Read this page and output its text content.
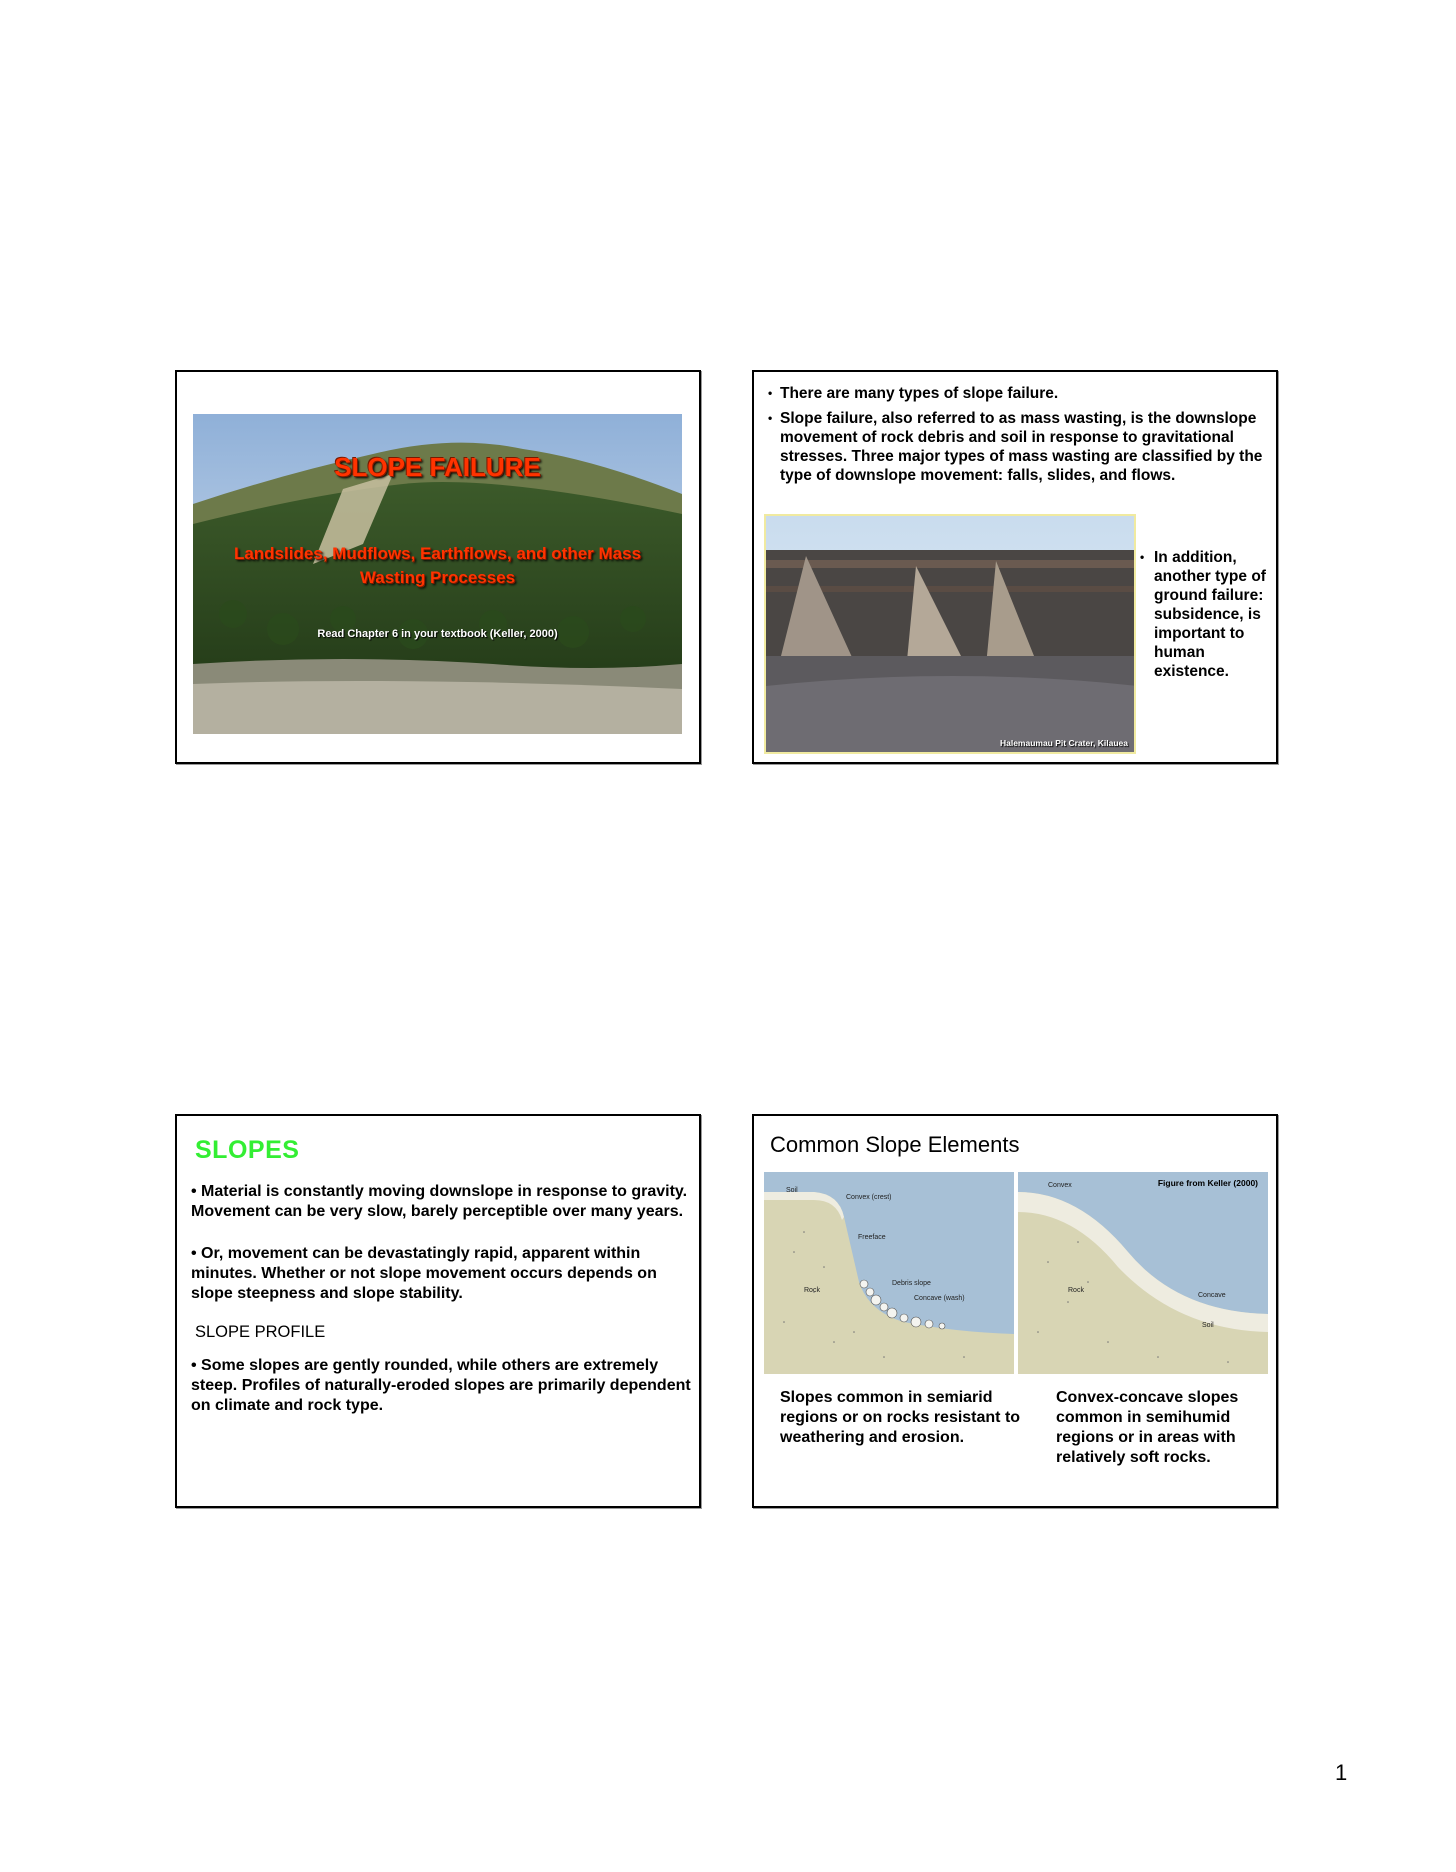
SLOPE FAILURE
Landslides, Mudflows, Earthflows, and other Mass Wasting Processes
Read Chapter 6 in your textbook (Keller, 2000)
• There are many types of slope failure.
• Slope failure, also referred to as mass wasting, is the downslope movement of rock debris and soil in response to gravitational stresses. Three major types of mass wasting are classified by the type of downslope movement: falls, slides, and flows.
Halemaumau Pit Crater, Kilauea
• In addition, another type of ground failure: subsidence, is important to human existence.
SLOPES

• Material is constantly moving downslope in response to gravity. Movement can be very slow, barely perceptible over many years.

• Or, movement can be devastatingly rapid, apparent within minutes. Whether or not slope movement occurs depends on slope steepness and slope stability.

SLOPE PROFILE

• Some slopes are gently rounded, while others are extremely steep. Profiles of naturally-eroded slopes are primarily dependent on climate and rock type.

Common Slope Elements
Soil
Convex (crest)
Freeface
Debris slope
Concave (wash)
Rock
Convex
Rock
Concave
Soil
Figure from Keller (2000)
Slopes common in semiarid regions or on rocks resistant to weathering and erosion.
Convex-concave slopes common in semihumid regions or in areas with relatively soft rocks.
1
